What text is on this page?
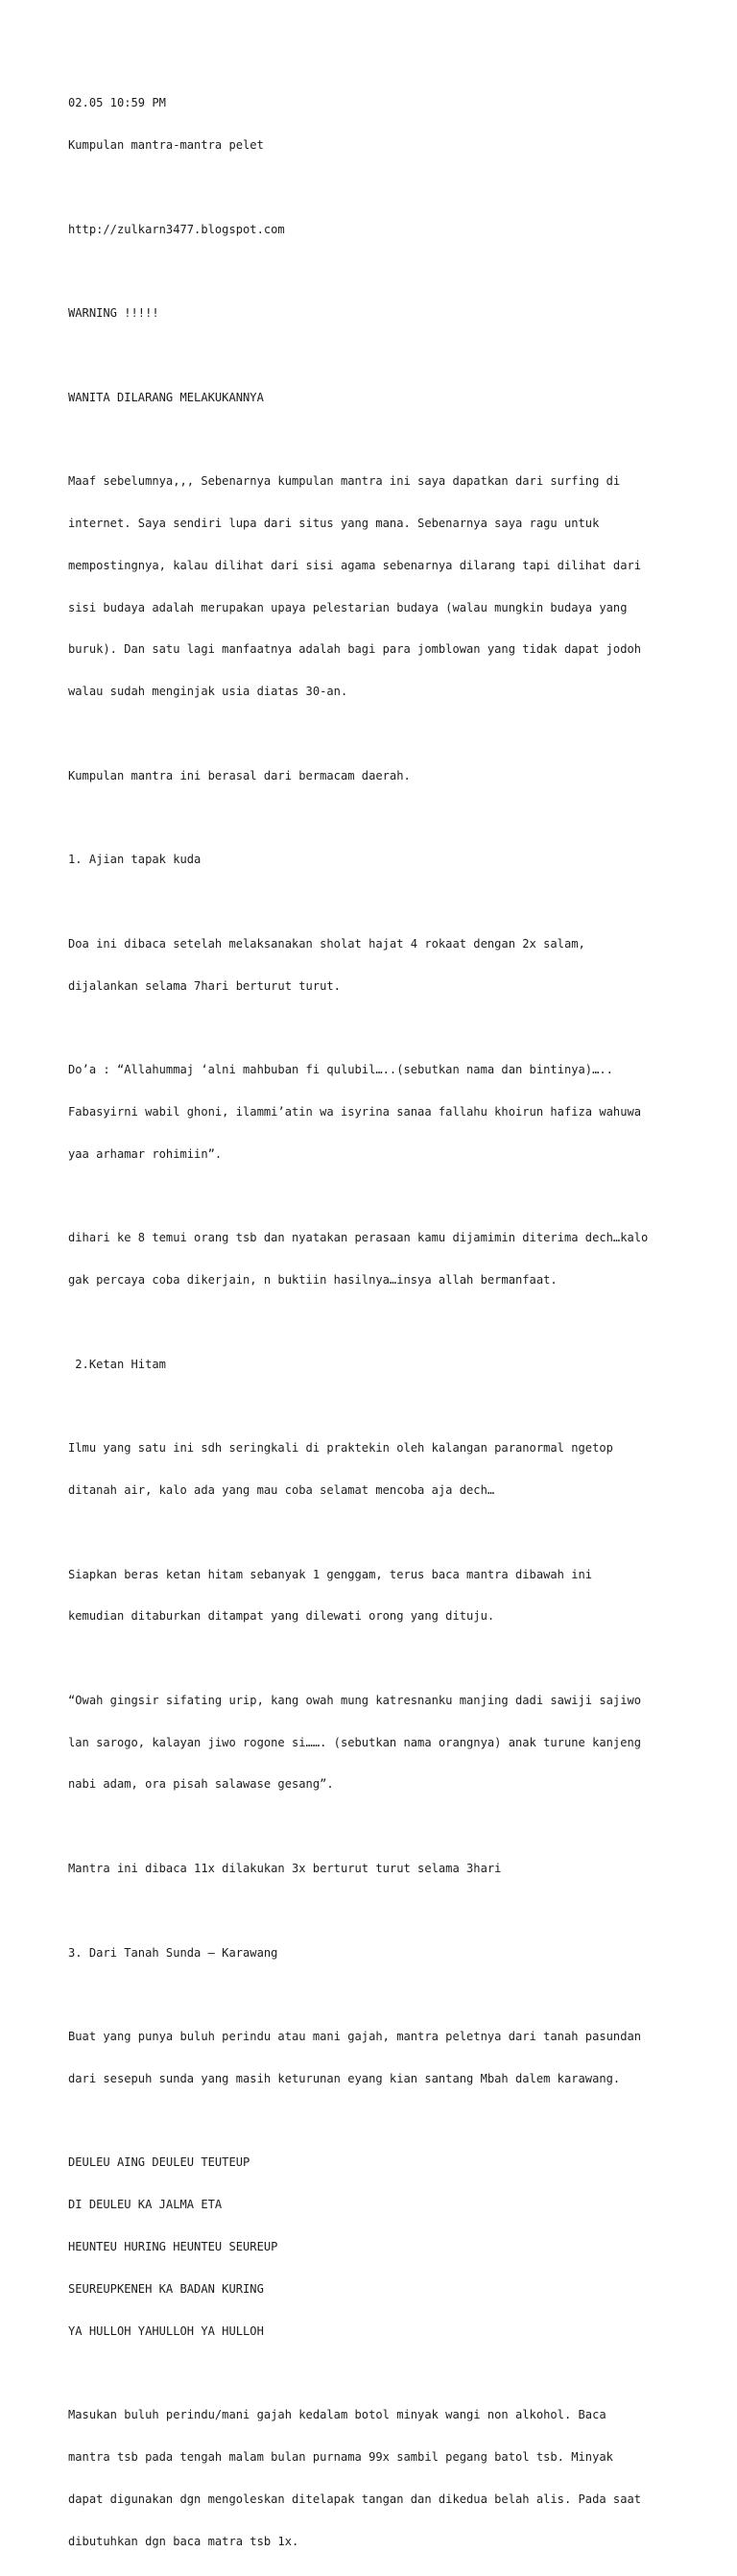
02.05 10:59 PM

Kumpulan mantra-mantra pelet

http://zulkarn3477.blogspot.com

WARNING !!!!!

WANITA DILARANG MELAKUKANNYA

Maaf sebelumnya,,, Sebenarnya kumpulan mantra ini saya dapatkan dari surfing di

internet. Saya sendiri lupa dari situs yang mana. Sebenarnya saya ragu untuk

mempostingnya, kalau dilihat dari sisi agama sebenarnya dilarang tapi dilihat dari

sisi budaya adalah merupakan upaya pelestarian budaya (walau mungkin budaya yang

buruk). Dan satu lagi manfaatnya adalah bagi para jomblowan yang tidak dapat jodoh

walau sudah menginjak usia diatas 30-an.

Kumpulan mantra ini berasal dari bermacam daerah.

1. Ajian tapak kuda

Doa ini dibaca setelah melaksanakan sholat hajat 4 rokaat dengan 2x salam,

dijalankan selama 7hari berturut turut.

Do’a : “Allahummaj ‘alni mahbuban fi qulubil…..(sebutkan nama dan bintinya)…..

Fabasyirni wabil ghoni, ilammi’atin wa isyrina sanaa fallahu khoirun hafiza wahuwa

yaa arhamar rohimiin”.

dihari ke 8 temui orang tsb dan nyatakan perasaan kamu dijamimin diterima dech…kalo

gak percaya coba dikerjain, n buktiin hasilnya…insya allah bermanfaat.

2.Ketan Hitam

Ilmu yang satu ini sdh seringkali di praktekin oleh kalangan paranormal ngetop

ditanah air, kalo ada yang mau coba selamat mencoba aja dech…

Siapkan beras ketan hitam sebanyak 1 genggam, terus baca mantra dibawah ini

kemudian ditaburkan ditampat yang dilewati orong yang dituju.

“Owah gingsir sifating urip, kang owah mung katresnanku manjing dadi sawiji sajiwo

lan sarogo, kalayan jiwo rogone si……. (sebutkan nama orangnya) anak turune kanjeng

nabi adam, ora pisah salawase gesang”.

Mantra ini dibaca 11x dilakukan 3x berturut turut selama 3hari

3. Dari Tanah Sunda – Karawang

Buat yang punya buluh perindu atau mani gajah, mantra peletnya dari tanah pasundan

dari sesepuh sunda yang masih keturunan eyang kian santang Mbah dalem karawang.

DEULEU AING DEULEU TEUTEUP

DI DEULEU KA JALMA ETA

HEUNTEU HURING HEUNTEU SEUREUP

SEUREUPKENEH KA BADAN KURING

YA HULLOH YAHULLOH YA HULLOH

Masukan buluh perindu/mani gajah kedalam botol minyak wangi non alkohol. Baca

mantra tsb pada tengah malam bulan purnama 99x sambil pegang batol tsb. Minyak

dapat digunakan dgn mengoleskan ditelapak tangan dan dikedua belah alis. Pada saat

dibutuhkan dgn baca matra tsb 1x.
